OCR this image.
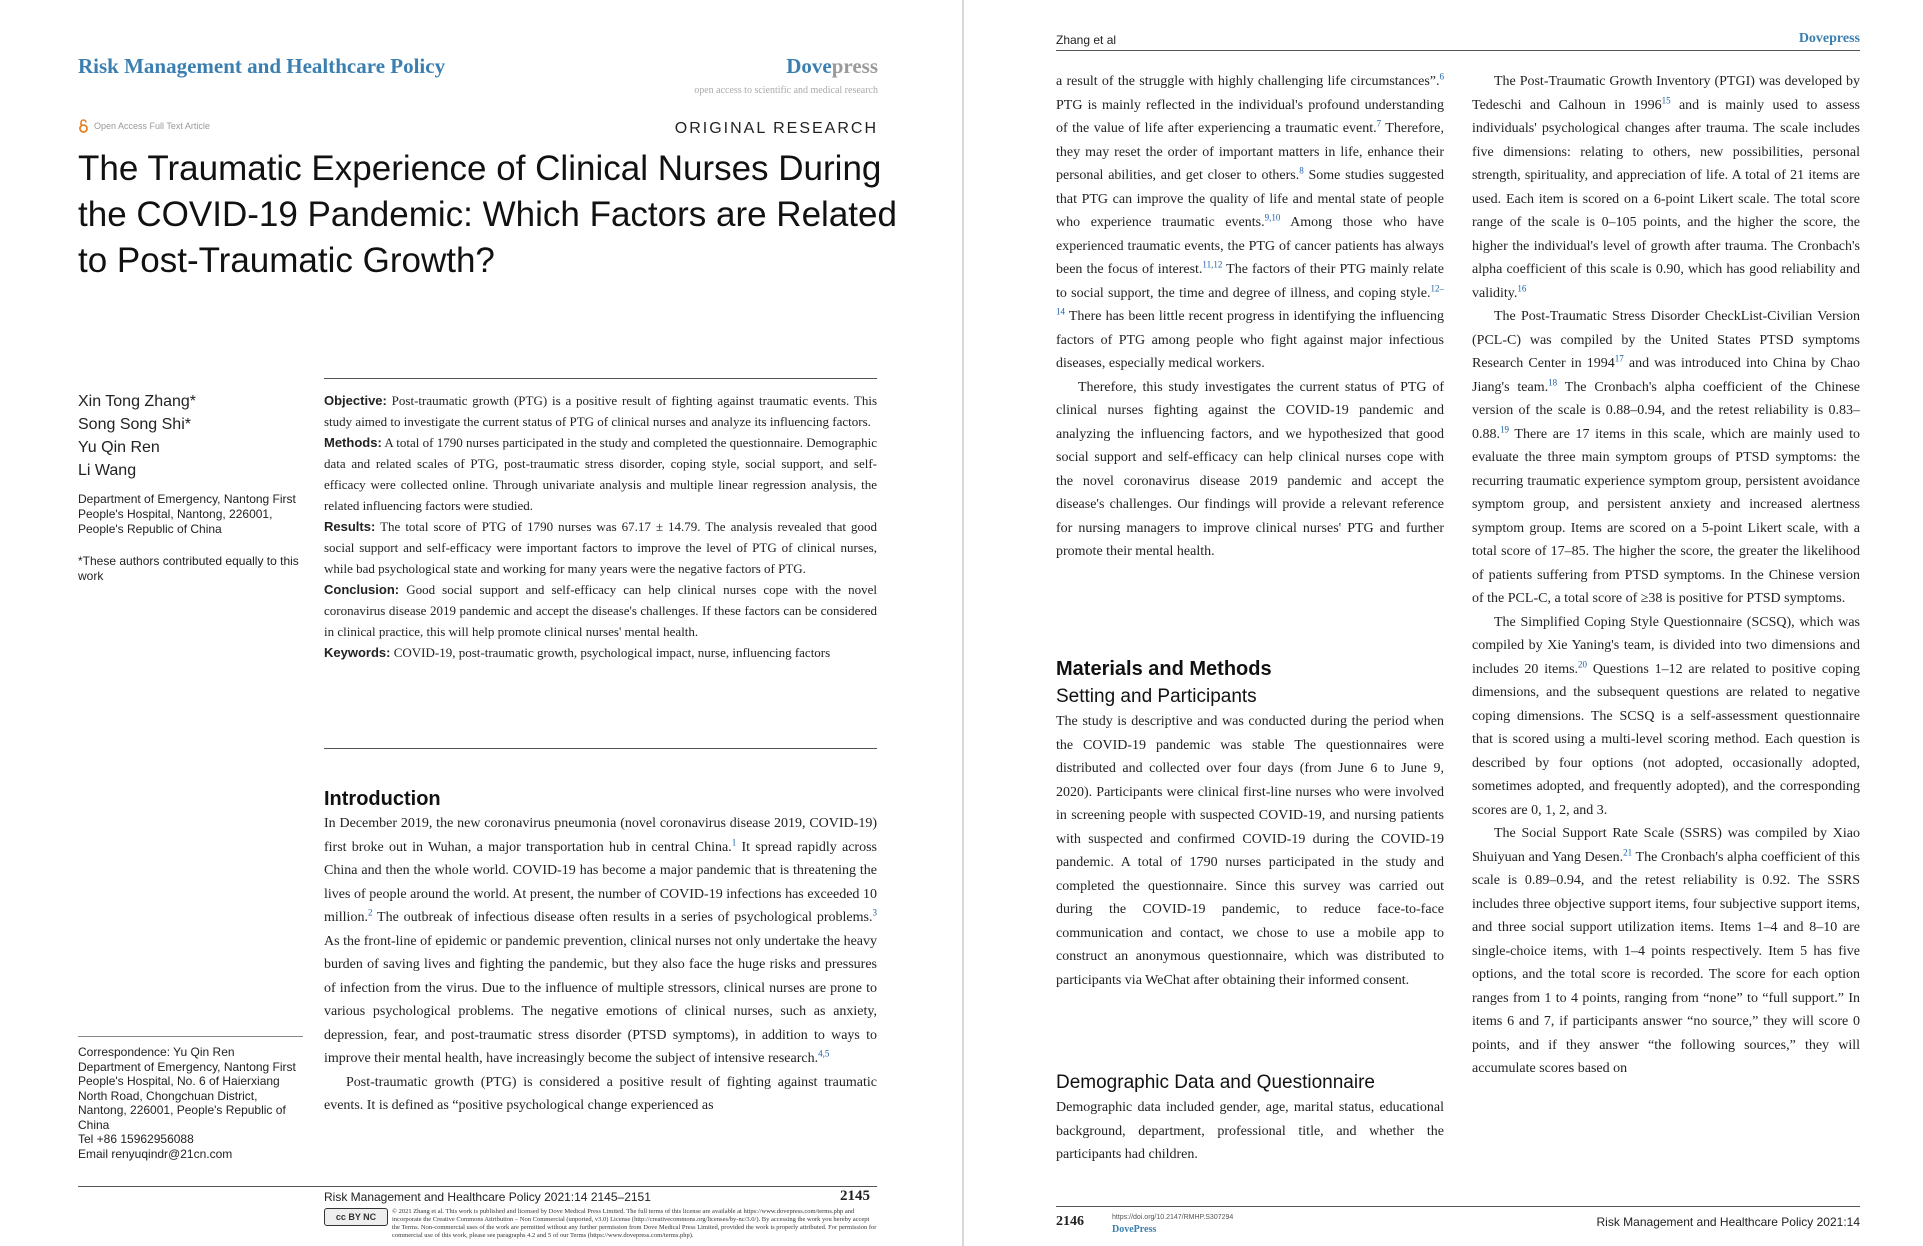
Risk Management and Healthcare Policy	Dovepress
open access to scientific and medical research
Open Access Full Text Article	ORIGINAL RESEARCH
The Traumatic Experience of Clinical Nurses During the COVID-19 Pandemic: Which Factors are Related to Post-Traumatic Growth?
Xin Tong Zhang*
Song Song Shi*
Yu Qin Ren
Li Wang
Department of Emergency, Nantong First People's Hospital, Nantong, 226001, People's Republic of China
*These authors contributed equally to this work

Objective: Post-traumatic growth (PTG) is a positive result of fighting against traumatic events. This study aimed to investigate the current status of PTG of clinical nurses and analyze its influencing factors.

Methods: A total of 1790 nurses participated in the study and completed the questionnaire. Demographic data and related scales of PTG, post-traumatic stress disorder, coping style, social support, and self-efficacy were collected online. Through univariate analysis and multiple linear regression analysis, the related influencing factors were studied.

Results: The total score of PTG of 1790 nurses was 67.17 ± 14.79. The analysis revealed that good social support and self-efficacy were important factors to improve the level of PTG of clinical nurses, while bad psychological state and working for many years were the negative factors of PTG.

Conclusion: Good social support and self-efficacy can help clinical nurses cope with the novel coronavirus disease 2019 pandemic and accept the disease's challenges. If these factors can be considered in clinical practice, this will help promote clinical nurses' mental health.

Keywords: COVID-19, post-traumatic growth, psychological impact, nurse, influencing factors

Introduction

In December 2019, the new coronavirus pneumonia (novel coronavirus disease 2019, COVID-19) first broke out in Wuhan, a major transportation hub in central China.$^1$ It spread rapidly across China and then the whole world. COVID-19 has become a major pandemic that is threatening the lives of people around the world. At present, the number of COVID-19 infections has exceeded 10 million.$^2$ The outbreak of infectious disease often results in a series of psychological problems.$^3$ As the front-line of epidemic or pandemic prevention, clinical nurses not only undertake the heavy burden of saving lives and fighting the pandemic, but they also face the huge risks and pressures of infection from the virus. Due to the influence of multiple stressors, clinical nurses are prone to various psychological problems. The negative emotions of clinical nurses, such as anxiety, depression, fear, and post-traumatic stress disorder (PTSD symptoms), in addition to ways to improve their mental health, have increasingly become the subject of intensive research.$^{4,5}$

Post-traumatic growth (PTG) is considered a positive result of fighting against traumatic events. It is defined as “positive psychological change experienced as

Correspondence: Yu Qin Ren
Department of Emergency, Nantong First People's Hospital, No. 6 of Haierxiang North Road, Chongchuan District, Nantong, 226001, People's Republic of China
Tel +86 15962956088
Email renyuqindr@21cn.com
Risk Management and Healthcare Policy 2021:14 2145–2151	2145
cc BY NC
© 2021 Zhang et al. This work is published and licensed by Dove Medical Press Limited. The full terms of this license are available at https://www.dovepress.com/terms.php and incorporate the Creative Commons Attribution – Non Commercial (unported, v3.0) License (http://creativecommons.org/licenses/by-nc/3.0/). By accessing the work you hereby accept the Terms. Non-commercial uses of the work are permitted without any further permission from Dove Medical Press Limited, provided the work is properly attributed. For permission for commercial use of this work, please see paragraphs 4.2 and 5 of our Terms (https://www.dovepress.com/terms.php).
Zhang et al	Dovepress

a result of the struggle with highly challenging life circumstances”.$^6$ PTG is mainly reflected in the individual's profound understanding of the value of life after experiencing a traumatic event.$^7$ Therefore, they may reset the order of important matters in life, enhance their personal abilities, and get closer to others.$^8$ Some studies suggested that PTG can improve the quality of life and mental state of people who experience traumatic events.$^{9,10}$ Among those who have experienced traumatic events, the PTG of cancer patients has always been the focus of interest.$^{11,12}$ The factors of their PTG mainly relate to social support, the time and degree of illness, and coping style.$^{12-14}$ There has been little recent progress in identifying the influencing factors of PTG among people who fight against major infectious diseases, especially medical workers.

Therefore, this study investigates the current status of PTG of clinical nurses fighting against the COVID-19 pandemic and analyzing the influencing factors, and we hypothesized that good social support and self-efficacy can help clinical nurses cope with the novel coronavirus disease 2019 pandemic and accept the disease's challenges. Our findings will provide a relevant reference for nursing managers to improve clinical nurses' PTG and further promote their mental health.

Materials and Methods
Setting and Participants

The study is descriptive and was conducted during the period when the COVID-19 pandemic was stable The questionnaires were distributed and collected over four days (from June 6 to June 9, 2020). Participants were clinical first-line nurses who were involved in screening people with suspected COVID-19, and nursing patients with suspected and confirmed COVID-19 during the COVID-19 pandemic. A total of 1790 nurses participated in the study and completed the questionnaire. Since this survey was carried out during the COVID-19 pandemic, to reduce face-to-face communication and contact, we chose to use a mobile app to construct an anonymous questionnaire, which was distributed to participants via WeChat after obtaining their informed consent.

Demographic Data and Questionnaire

Demographic data included gender, age, marital status, educational background, department, professional title, and whether the participants had children.

The Post-Traumatic Growth Inventory (PTGI) was developed by Tedeschi and Calhoun in 1996$^{15}$ and is mainly used to assess individuals' psychological changes after trauma. The scale includes five dimensions: relating to others, new possibilities, personal strength, spirituality, and appreciation of life. A total of 21 items are used. Each item is scored on a 6-point Likert scale. The total score range of the scale is 0–105 points, and the higher the score, the higher the individual's level of growth after trauma. The Cronbach's alpha coefficient of this scale is 0.90, which has good reliability and validity.$^{16}$

The Post-Traumatic Stress Disorder CheckList-Civilian Version (PCL-C) was compiled by the United States PTSD symptoms Research Center in 1994$^{17}$ and was introduced into China by Chao Jiang's team.$^{18}$ The Cronbach's alpha coefficient of the Chinese version of the scale is 0.88–0.94, and the retest reliability is 0.83–0.88.19 There are 17 items in this scale, which are mainly used to evaluate the three main symptom groups of PTSD symptoms: the recurring traumatic experience symptom group, persistent avoidance symptom group, and persistent anxiety and increased alertness symptom group. Items are scored on a 5-point Likert scale, with a total score of 17–85. The higher the score, the greater the likelihood of patients suffering from PTSD symptoms. In the Chinese version of the PCL-C, a total score of ≥38 is positive for PTSD symptoms.

The Simplified Coping Style Questionnaire (SCSQ), which was compiled by Xie Yaning's team, is divided into two dimensions and includes 20 items.$^{20}$ Questions 1–12 are related to positive coping dimensions, and the subsequent questions are related to negative coping dimensions. The SCSQ is a self-assessment questionnaire that is scored using a multi-level scoring method. Each question is described by four options (not adopted, occasionally adopted, sometimes adopted, and frequently adopted), and the corresponding scores are 0, 1, 2, and 3.

The Social Support Rate Scale (SSRS) was compiled by Xiao Shuiyuan and Yang Desen.$^{21}$ The Cronbach's alpha coefficient of this scale is 0.89–0.94, and the retest reliability is 0.92. The SSRS includes three objective support items, four subjective support items, and three social support utilization items. Items 1–4 and 8–10 are single-choice items, with 1–4 points respectively. Item 5 has five options, and the total score is recorded. The score for each option ranges from 1 to 4 points, ranging from “none” to “full support.” In items 6 and 7, if participants answer “no source,” they will score 0 points, and if they answer “the following sources,” they will accumulate scores based on

2146	https://doi.org/10.2147/RMHP.S307294
DovePress
Risk Management and Healthcare Policy 2021:14
